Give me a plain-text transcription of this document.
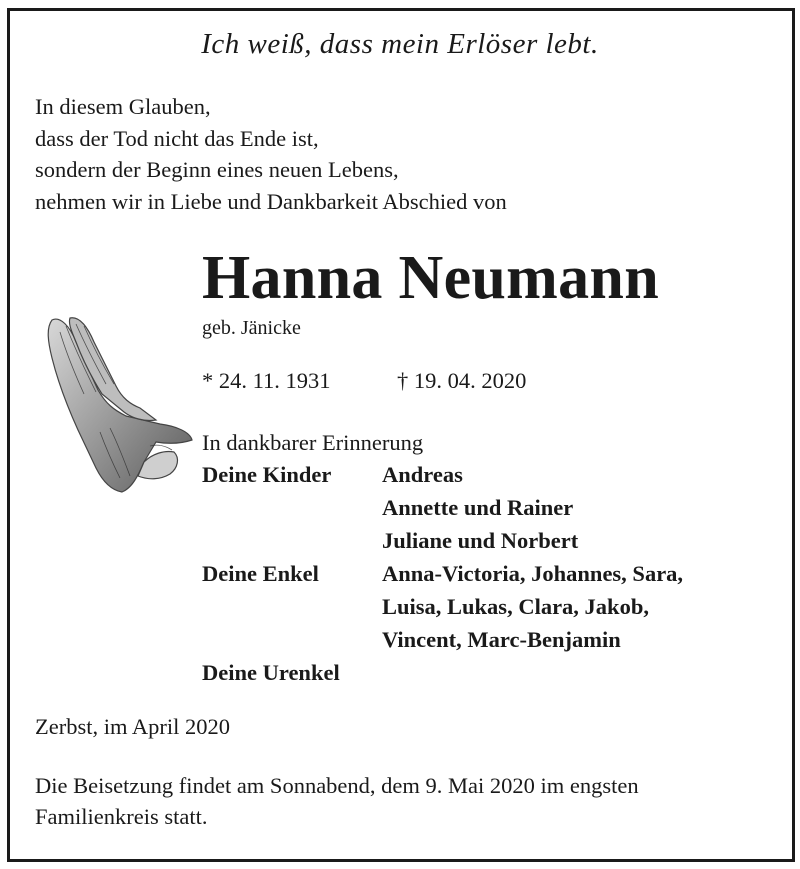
Ich weiß, dass mein Erlöser lebt.
In diesem Glauben,
dass der Tod nicht das Ende ist,
sondern der Beginn eines neuen Lebens,
nehmen wir in Liebe und Dankbarkeit Abschied von
Hanna Neumann
geb. Jänicke
* 24. 11. 1931	† 19. 04. 2020
In dankbarer Erinnerung
Deine Kinder Andreas
Annette und Rainer
Juliane und Norbert
Deine Enkel	Anna-Victoria, Johannes, Sara,
Luisa, Lukas, Clara, Jakob,
Vincent, Marc-Benjamin
Deine Urenkel
Zerbst, im April 2020
Die Beisetzung findet am Sonnabend, dem 9. Mai 2020 im engsten
Familienkreis statt.
